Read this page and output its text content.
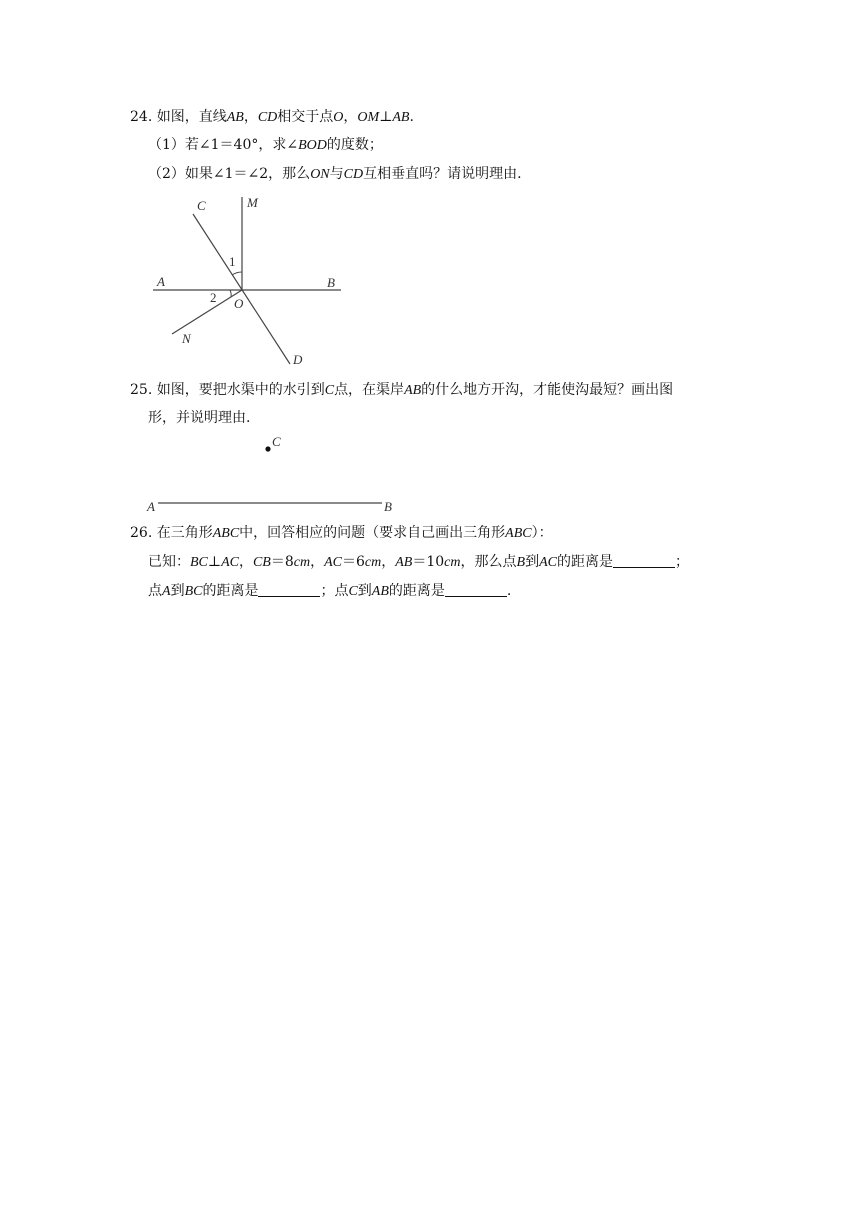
24. 如图，直线AB，CD相交于点O，OM⊥AB.
（1）若∠1＝40°，求∠BOD的度数；
（2）如果∠1＝∠2，那么ON与CD互相垂直吗？请说明理由.
C	M
A	B
O
N
D
1
2
25. 如图，要把水渠中的水引到C点，在渠岸AB的什么地方开沟，才能使沟最短？画出图
形，并说明理由.
C
A	B
26. 在三角形ABC中，回答相应的问题（要求自己画出三角形ABC）：
已知：BC⊥AC，CB＝8cm，AC＝6cm，AB＝10cm，那么点B到AC的距离是	；
点A到BC的距离是	；点C到AB的距离是	.
